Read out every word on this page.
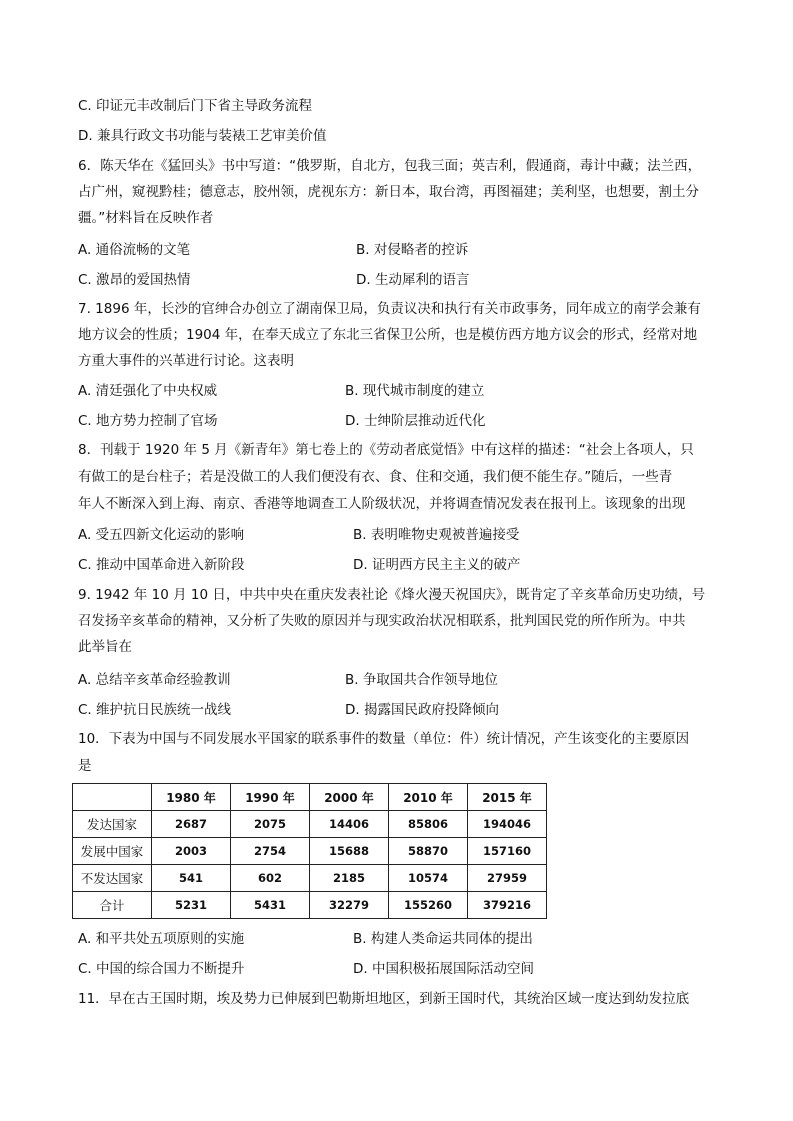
C. 印证元丰改制后门下省主导政务流程
D. 兼具行政文书功能与装裱工艺审美价值
6．陈天华在《猛回头》书中写道：“俄罗斯，自北方，包我三面；英吉利，假通商，毒计中藏；法兰西，
占广州，窥视黔桂；德意志，胶州领，虎视东方：新日本，取台湾，再图福建；美利坚，也想要，割土分
疆。”材料旨在反映作者
A. 通俗流畅的文笔	B. 对侵略者的控诉
C. 激昂的爱国热情	D. 生动犀利的语言
7. 1896 年，长沙的官绅合办创立了湖南保卫局，负责议决和执行有关市政事务，同年成立的南学会兼有
地方议会的性质；1904 年，在奉天成立了东北三省保卫公所，也是模仿西方地方议会的形式，经常对地
方重大事件的兴革进行讨论。这表明
A. 清廷强化了中央权威	B. 现代城市制度的建立
C. 地方势力控制了官场	D. 士绅阶层推动近代化
8．刊载于 1920 年 5 月《新青年》第七卷上的《劳动者底觉悟》中有这样的描述：“社会上各项人，只
有做工的是台柱子；若是没做工的人我们便没有衣、食、住和交通，我们便不能生存。”随后，一些青
年人不断深入到上海、南京、香港等地调查工人阶级状况，并将调查情况发表在报刊上。该现象的出现
A. 受五四新文化运动的影响	B. 表明唯物史观被普遍接受
C. 推动中国革命进入新阶段	D. 证明西方民主主义的破产
9. 1942 年 10 月 10 日，中共中央在重庆发表社论《烽火漫天祝国庆》，既肯定了辛亥革命历史功绩，号
召发扬辛亥革命的精神，又分析了失败的原因并与现实政治状况相联系，批判国民党的所作所为。中共
此举旨在
A. 总结辛亥革命经验教训	B. 争取国共合作领导地位
C. 维护抗日民族统一战线	D. 揭露国民政府投降倾向
10．下表为中国与不同发展水平国家的联系事件的数量（单位：件）统计情况，产生该变化的主要原因
是
	1980 年	1990 年	2000 年	2010 年	2015 年
发达国家	2687	2075	14406	85806	194046
发展中国家	2003	2754	15688	58870	157160
不发达国家	541	602	2185	10574	27959
合计	5231	5431	32279	155260	379216
A. 和平共处五项原则的实施	B. 构建人类命运共同体的提出
C. 中国的综合国力不断提升	D. 中国积极拓展国际活动空间
11．早在古王国时期，埃及势力已伸展到巴勒斯坦地区，到新王国时代，其统治区域一度达到幼发拉底
